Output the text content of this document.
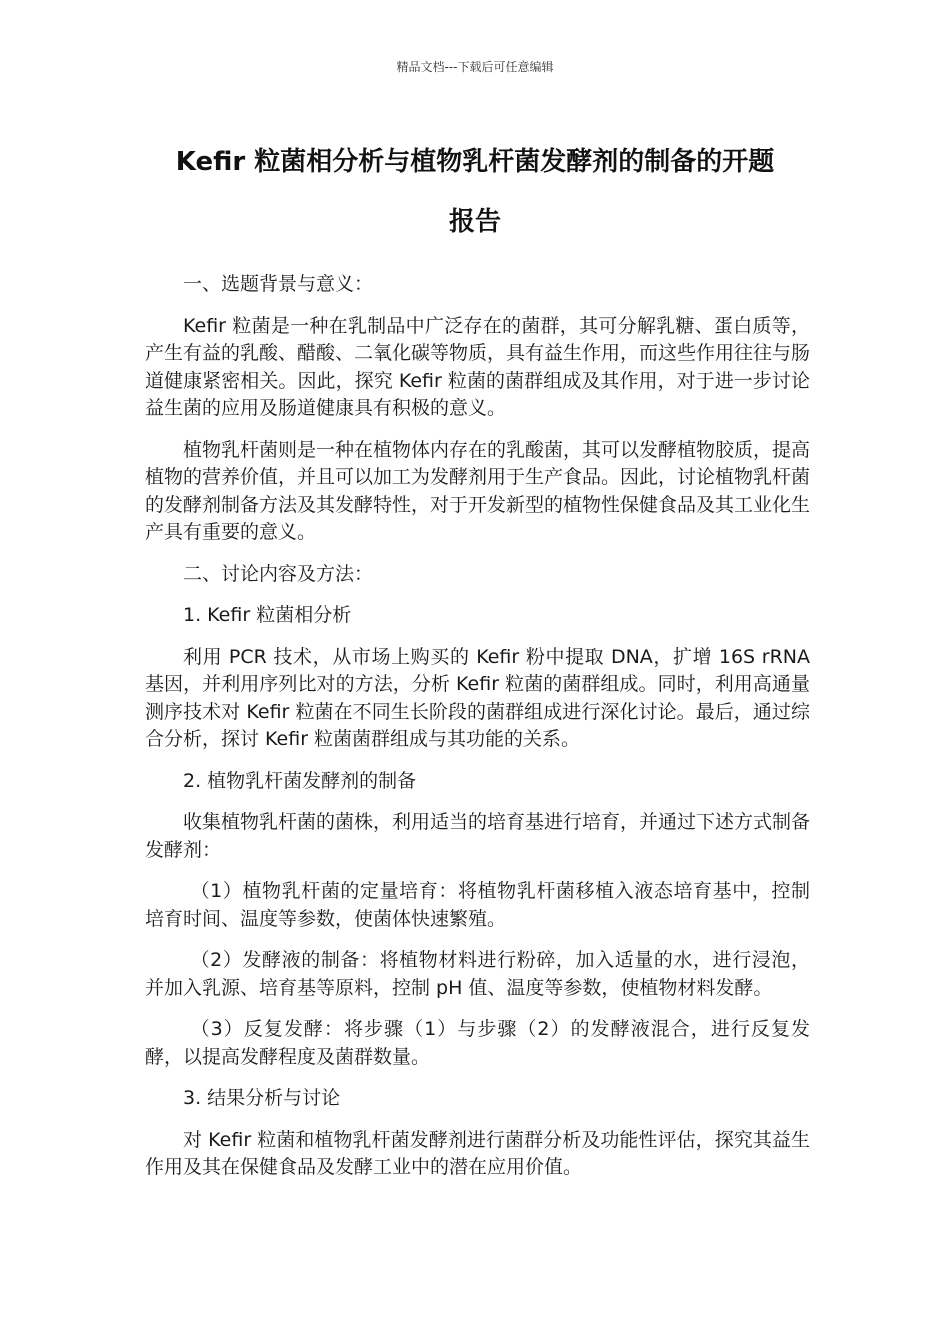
精品文档---下载后可任意编辑
Kefir 粒菌相分析与植物乳杆菌发酵剂的制备的开题
报告

一、选题背景与意义：

Kefir 粒菌是一种在乳制品中广泛存在的菌群，其可分解乳糖、蛋白质等，产生有益的乳酸、醋酸、二氧化碳等物质，具有益生作用，而这些作用往往与肠道健康紧密相关。因此，探究 Kefir 粒菌的菌群组成及其作用，对于进一步讨论益生菌的应用及肠道健康具有积极的意义。

植物乳杆菌则是一种在植物体内存在的乳酸菌，其可以发酵植物胶质，提高植物的营养价值，并且可以加工为发酵剂用于生产食品。因此，讨论植物乳杆菌的发酵剂制备方法及其发酵特性，对于开发新型的植物性保健食品及其工业化生产具有重要的意义。

二、讨论内容及方法：

1. Kefir 粒菌相分析

利用 PCR 技术，从市场上购买的 Kefir 粉中提取 DNA，扩增 16S rRNA 基因，并利用序列比对的方法，分析 Kefir 粒菌的菌群组成。同时，利用高通量测序技术对 Kefir 粒菌在不同生长阶段的菌群组成进行深化讨论。最后，通过综合分析，探讨 Kefir 粒菌菌群组成与其功能的关系。

2. 植物乳杆菌发酵剂的制备

收集植物乳杆菌的菌株，利用适当的培育基进行培育，并通过下述方式制备发酵剂：

（1）植物乳杆菌的定量培育：将植物乳杆菌移植入液态培育基中，控制培育时间、温度等参数，使菌体快速繁殖。

（2）发酵液的制备：将植物材料进行粉碎，加入适量的水，进行浸泡，并加入乳源、培育基等原料，控制 pH 值、温度等参数，使植物材料发酵。

（3）反复发酵：将步骤（1）与步骤（2）的发酵液混合，进行反复发酵，以提高发酵程度及菌群数量。

3. 结果分析与讨论

对 Kefir 粒菌和植物乳杆菌发酵剂进行菌群分析及功能性评估，探究其益生作用及其在保健食品及发酵工业中的潜在应用价值。
